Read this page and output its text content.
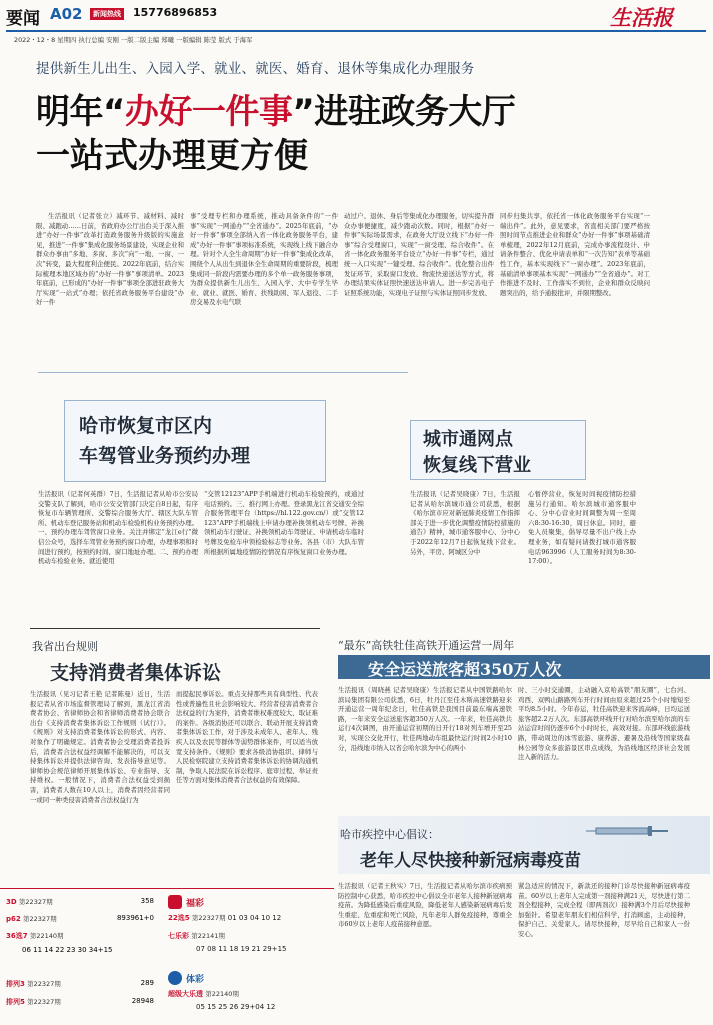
要闻 A02	新闻热线 15776896853	生活报
2022・12・8 星期四 执行总编 安刚 一版二版主编 郑曦 一版编辑 陈莹 版式 于海军
提供新生儿出生、入园入学、就业、就医、婚育、退休等集成化办理服务
明年“办好一件事”进驻政务大厅
一站式办理更方便
生活报讯（记者张立）减环节、减材料、减时限、减跑动……日前，省政府办公厅出台关于深入推进“办好一件事”改革打造政务服务升级版的实施意见，推进“一件事”集成化服务场景建设，实现企业和群众办事由“多地、多窗、多次”向“一地、一窗、一次”转变，最大程度利企便民。2022年底前，结合实际梳理本地区域办的“办好一件事”事项清单。2023年底前，已形成的“办好一件事”事项全部进驻政务大厅实现“一站式”办理；依托省政务服务平台建设“办好一件
事”受理专栏和办理系统，推动具备条件的“一件事”实现“一网通办”“全省通办”。2025年底前，“办好一件事”事项全部纳入省一体化政务服务平台，建成“办好一件事”事项标准系统，实现线上线下融合办理。针对个人全生命周期“办好一件事”集成化改革，围绕个人从出生到退休全生命周期的重要阶段，梳理集成同一阶段内需要办理的多个单一政务服务事项，为群众提供新生儿出生、入园入学、大中专学生毕业、就业、就医、婚育、扶残助困、军人退役、二手房交易及水电气联
动过户、退休、身后等集成化办理服务，切实提升群众办事便捷度，减少跑动次数。同时，根据“办好一件事”实际场景需求，在政务大厅设立线下“办好一件事”综合受理窗口，实现“一窗受理、综合收件”。在省一体化政务服务平台设立“办好一件事”专栏，通过统一入口实现“一键受理、综合收件”。优化整合出件发证环节，采取窗口发放、物流快递送达等方式，将办理结果实体证照快速送达申请人。进一步完善电子证照系统功能，实现电子证照与实体证照同步发放、
同步归集共享，依托省一体化政务服务平台实现“一端出件”。此外，意见要求，省直相关部门要严格按照时间节点推进企业和群众“办好一件事”事项基础清单梳理，2022年12月底前，完成办事流程设计、申请条件整合、优化申请表单和“一次告知”表单等基础性工作，基本实现线下“一窗办理”。2023年底前，基础清单事项基本实现“一网通办”“全省通办”。对工作推进不及时、工作落实不到位，企业和群众反映问题突出的，给予通报批评，并限期整改。
哈市恢复市区内
车驾管业务预约办理
生活报讯（记者何英群）7日，生活报记者从哈市公安局交警支队了解到，哈市公安交管部门决定自8日起，有序恢复市车辆管理所、交警综合服务大厅、辖区大队车管所、机动车登记服务站和机动车检验机构业务预约办理。一、预约办理车驾管窗口业务。关注并绑定“龙江e行”微信公众号，选择车驾管业务预约窗口办理，办理事项和时间进行预约，按预约时间、窗口地址办理。二、预约办理机动车检验业务。就近使用
“交管12123”APP手机端进行机动车检验预约，或通过电话预约。三、推行网上办理。登录黑龙江省交通安全综合服务管理平台（https://hl.122.gov.cn/）或“交管12123”APP手机端线上申请办理补换领机动车号牌、补换领机动车行驶证、补换领机动车驾驶证、申请机动车临时号牌及免检车申领检验标志等业务。各县（市）大队车管所根据所属地疫情防控情况有序恢复窗口业务办理。
城市通网点
恢复线下营业
生活报讯（记者吴晓康）7日，生活报记者从哈尔滨城市通公司获悉，根据《哈尔滨市应对新冠肺炎疫情工作指挥部关于进一步优化调整疫情防控措施的通告》精神，城市通客服中心、分中心于2022年12月7日起恢复线下营业。另外，平房、阿城区分中
心暂停营业，恢复时间视疫情防控措施另行通知。哈尔滨城市通客服中心、分中心营业时间调整为周一至周六8:30-16:30，周日休息。同时，避免人员聚集，倡导尽量不出户线上办理业务，如有疑问请拨打城市通客服电话963996（人工服务时间为8:30-17:00）。
我省出台规则
支持消费者集体诉讼
生活报讯（见习记者王艳 记者陈曼）近日，生活报记者从省市场监督管理局了解到，黑龙江省消费者协会、省律师协会和省律师消费者协会联合出台《支持消费者集体诉讼工作规则（试行）》。《规则》对支持消费者集体诉讼的形式、内容、对象作了明确规定。消费者协会受理消费者投诉后，消费者合法权益经调解不能解决的，可以支持集体诉讼并提供法律咨询、发表指导意见等。律师协会规范律师开展集体诉讼、专业指导、支持维权。一般情况下，消费者合法权益受到损害，消费者人数在10人以上，消费者因经营者同一或同一种类侵害消费者合法权益行为
而提起民事诉讼。重点支持那些具有典型性、代表性或普遍性且社会影响较大、经营者侵害消费者合法权益的行为案件，消费者维权难度较大、取证难的案件。各级消协还可以联合、联动开展支持消费者集体诉讼工作，对于涉及未成年人、老年人、残疾人以及农民等群体等弱势群体案件，可以适当放宽支持条件。《规则》要求各级消协组织、律师与人民检察院建立支持消费者集体诉讼的协调沟通机制，争取人民法院在诉讼程序、庭审过程、举证责任等方面对集体消费者合法权益的有效保障。
“最东”高铁牡佳高铁开通运营一周年
安全运送旅客超350万人次
生活报讯（周晓燕 记者吴晓康）生活报记者从中国铁路哈尔滨局集团有限公司获悉，6日，牡丹江至佳木斯高速铁路迎来开通运营一周年纪念日，牡佳高铁是我国目前最东端高速铁路，一年来安全运送旅客超350万人次。一年来，牡佳高铁共运行4次调图，由开通运营初期的日开行18对列车增开至25对，实现公交化开行，牡佳两地动车组最快运行时间2小时10分，沿线地市纳入以省会哈尔滨为中心的两小
时、三小时交通圈，主动融入京哈高铁“朋友圈”，七台河、鸡西、双鸭山路路列车开行时间由原来超过25个小时缩短至平均8.5小时。今年春运，牡佳高铁迎来客流高峰，日均运送旅客超2.2万人次。东部高铁环线开行对哈尔滨至哈尔滨的车站运营时间仍逐步6个小时时长，高效对接。东部环线旅游线路，带动周边的冰雪旅游、康养游、避暑及沿线等国家级森林公园等众多旅游景区串点成线，为沿线地区经济社会发展注入新的活力。
哈市疾控中心倡议：
老年人尽快接种新冠病毒疫苗
生活报讯（记者王秋实）7日，生活报记者从哈尔滨市疾病预防控制中心获悉，哈市疾控中心倡议全市老年人接种新冠病毒疫苗。为降低感染后重症风险，降低老年人感染新冠病毒后发生重症、危重症和死亡风险，凡年老年人群免疫接种，尊重全市60岁以上老年人疫苗接种意愿。
紧急适应的情况下，新款还的接种门诊尽快接种新冠病毒疫苗。60岁以上老年人完成第一剂接种满21天，尽快进行第二剂全程接种，完成全程（即两剂次）接种满3个月后尽快接种加强针。希望老年朋友们相信科学，打消顾虑，主动接种，保护自己、关爱家人。请尽快接种，尽早给自己和家人一份安心。
3D 第22327期	358
p62 第22327期	893961+0
36选7 第22140期
06 11 14 22 23 30 34+15
排列3 第22327期	289
排列5 第22327期	28948
福彩
22选5 第22327期 01 03 04 10 12
七乐彩 第22141期
07 08 11 18 19 21 29+15
体彩
超级大乐透 第22140期
05 15 25 26 29+04 12
